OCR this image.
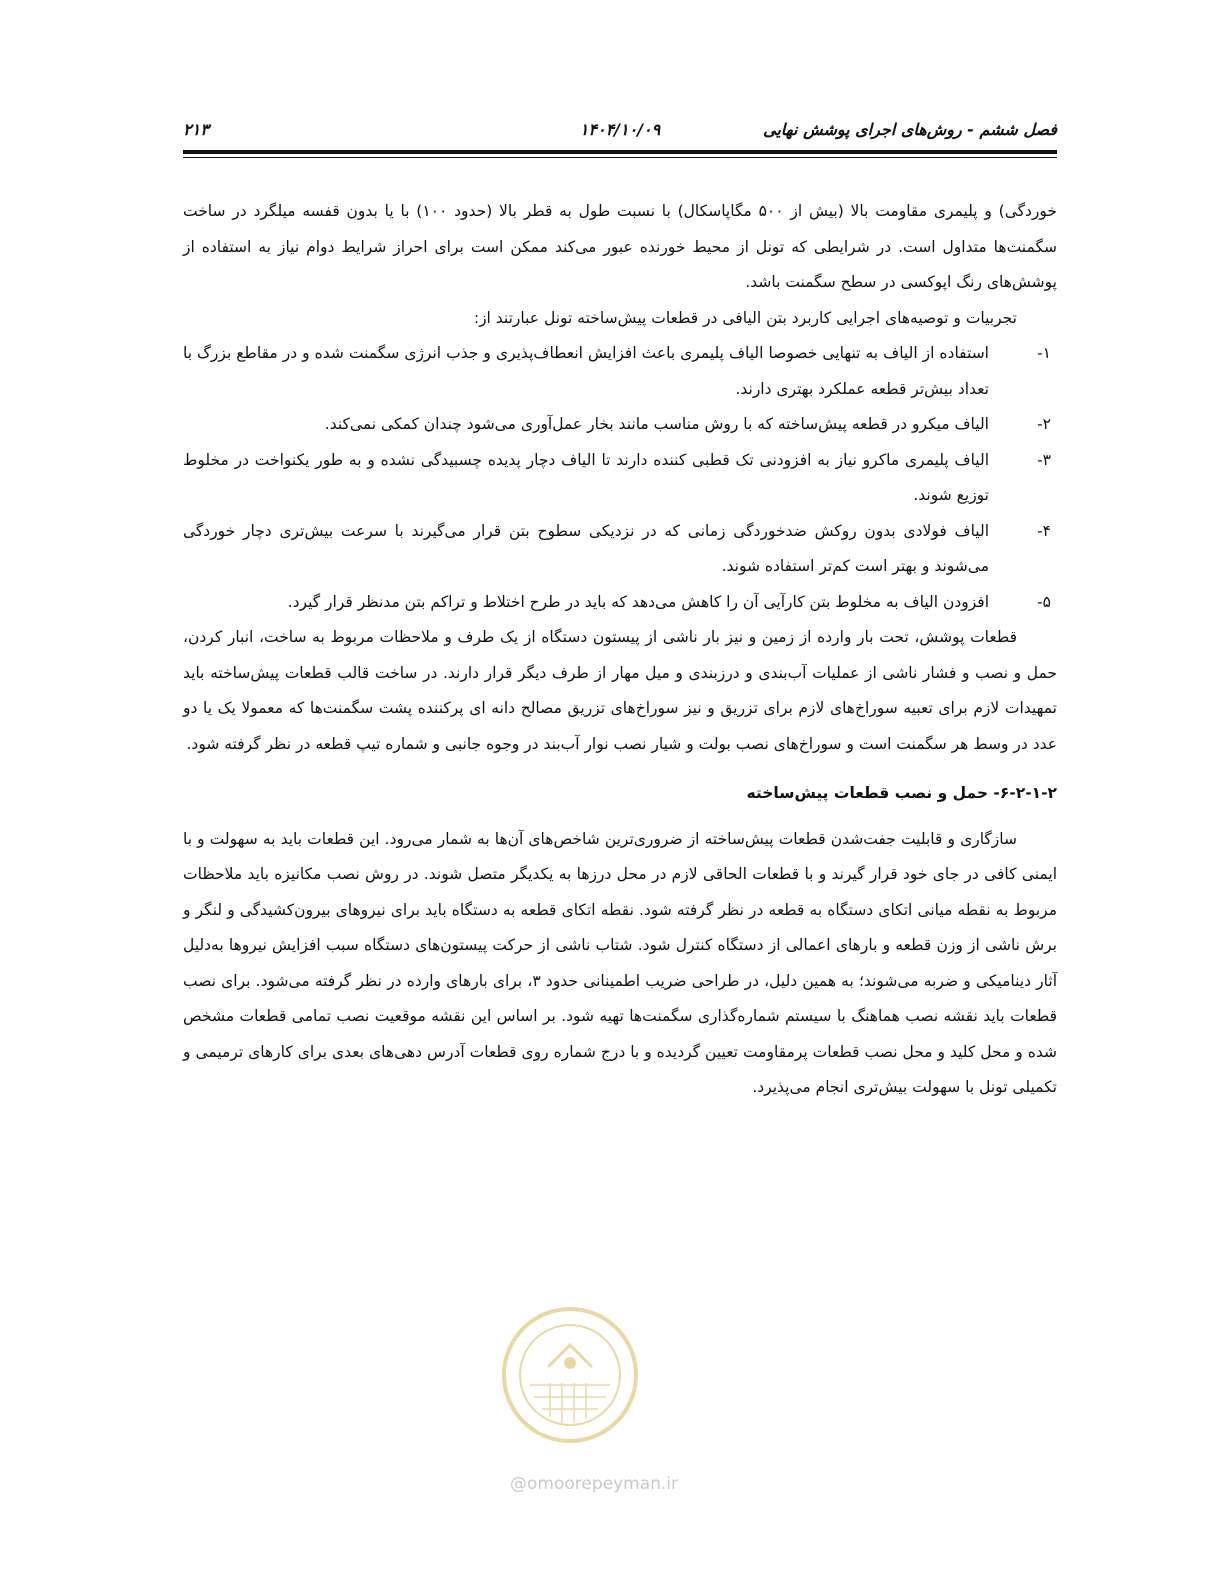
فصل ششم - روش‌های اجرای پوشش نهایی
۱۴۰۴/۱۰/۰۹
۲۱۳

خوردگی) و پلیمری مقاومت بالا (بیش از ۵۰۰ مگاپاسکال) با نسبت طول به قطر بالا (حدود ۱۰۰) با یا بدون قفسه میلگرد در ساخت سگمنت‌ها متداول است. در شرایطی که تونل از محیط خورنده عبور می‌کند ممکن است برای احراز شرایط دوام نیاز به استفاده از پوشش‌های رنگ اپوکسی در سطح سگمنت باشد.

تجربیات و توصیه‌های اجرایی کاربرد بتن الیافی در قطعات پیش‌ساخته تونل عبارتند از:

۱-
استفاده از الیاف به تنهایی خصوصا الیاف پلیمری باعث افزایش انعطاف‌پذیری و جذب انرژی سگمنت شده و در مقاطع بزرگ با تعداد بیش‌تر قطعه عملکرد بهتری دارند.
۲-
الیاف میکرو در قطعه پیش‌ساخته که با روش مناسب مانند بخار عمل‌آوری می‌شود چندان کمکی نمی‌کند.
۳-
الیاف پلیمری ماکرو نیاز به افزودنی تک قطبی کننده دارند تا الیاف دچار پدیده چسبیدگی نشده و به طور یکنواخت در مخلوط توزیع شوند.
۴-
الیاف فولادی بدون روکش ضدخوردگی زمانی که در نزدیکی سطوح بتن قرار می‌گیرند با سرعت بیش‌تری دچار خوردگی می‌شوند و بهتر است کم‌تر استفاده شوند.
۵-
افزودن الیاف به مخلوط بتن کارآیی آن را کاهش می‌دهد که باید در طرح اختلاط و تراکم بتن مدنظر قرار گیرد.

قطعات پوشش، تحت بار وارده از زمین و نیز بار ناشی از پیستون دستگاه از یک طرف و ملاحظات مربوط به ساخت، انبار کردن، حمل و نصب و فشار ناشی از عملیات آب‌بندی و درزبندی و میل مهار از طرف دیگر قرار دارند. در ساخت قالب قطعات پیش‌ساخته باید تمهیدات لازم برای تعبیه سوراخ‌های لازم برای تزریق و نیز سوراخ‌های تزریق مصالح دانه ای پرکننده پشت سگمنت‌ها که معمولا یک یا دو عدد در وسط هر سگمنت است و سوراخ‌های نصب بولت و شیار نصب نوار آب‌بند در وجوه جانبی و شماره تیپ قطعه در نظر گرفته شود.

۶-۲-۱-۲- حمل و نصب قطعات پیش‌ساخته

سازگاری و قابلیت جفت‌شدن قطعات پیش‌ساخته از ضروری‌ترین شاخص‌های آن‌ها به شمار می‌رود. این قطعات باید به سهولت و با ایمنی کافی در جای خود قرار گیرند و با قطعات الحاقی لازم در محل درزها به یکدیگر متصل شوند. در روش نصب مکانیزه باید ملاحظات مربوط به نقطه میانی اتکای دستگاه به قطعه در نظر گرفته شود. نقطه اتکای قطعه به دستگاه باید برای نیروهای بیرون‌کشیدگی و لنگر و برش ناشی از وزن قطعه و بارهای اعمالی از دستگاه کنترل شود. شتاب ناشی از حرکت پیستون‌های دستگاه سبب افزایش نیروها به‌دلیل آثار دینامیکی و ضربه می‌شوند؛ به همین دلیل، در طراحی ضریب اطمینانی حدود ۳، برای بارهای وارده در نظر گرفته می‌شود. برای نصب قطعات باید نقشه نصب هماهنگ با سیستم شماره‌گذاری سگمنت‌ها تهیه شود. بر اساس این نقشه موقعیت نصب تمامی قطعات مشخص شده و محل کلید و محل نصب قطعات پرمقاومت تعیین گردیده و با درج شماره روی قطعات آدرس دهی‌های بعدی برای کارهای ترمیمی و تکمیلی تونل با سهولت بیش‌تری انجام می‌پذیرد.

@omoorepeyman.ir
